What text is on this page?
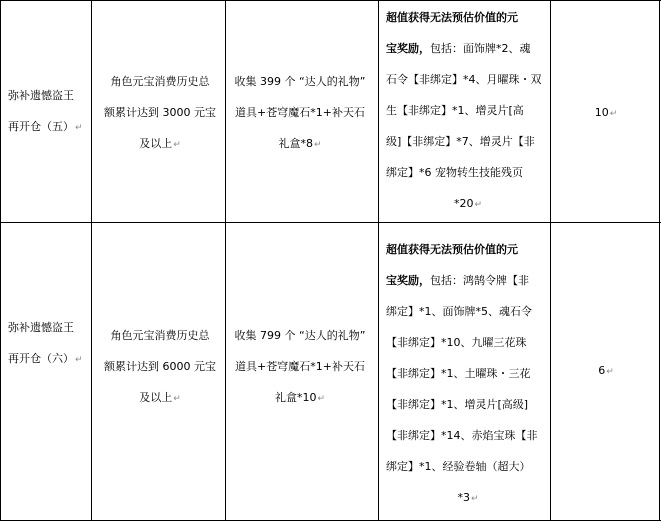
弥补遗憾盗王
再开仓（五）↵
角色元宝消费历史总
额累计达到 3000 元宝
及以上↵
收集 399 个 “达人的礼物”
道具+苍穹魔石*1+补天石
礼盒*8↵
超值获得无法预估价值的元
宝奖励，包括：面饰牌*2、魂
石令【非绑定】*4、月曜珠・双
生【非绑定】*1、增灵片[高
级]【非绑定】*7、增灵片【非
绑定】*6 宠物转生技能残页
*20↵
10↵
弥补遗憾盗王
再开仓（六）↵
角色元宝消费历史总
额累计达到 6000 元宝
及以上↵
收集 799 个 “达人的礼物”
道具+苍穹魔石*1+补天石
礼盒*10↵
超值获得无法预估价值的元
宝奖励，包括：鸿鹄令牌【非
绑定】*1、面饰牌*5、魂石令
【非绑定】*10、九曜三花珠
【非绑定】*1、土曜珠・三花
【非绑定】*1、增灵片[高级]
【非绑定】*14、赤焰宝珠【非
绑定】*1、经验卷轴（超大）
*3↵
6↵
